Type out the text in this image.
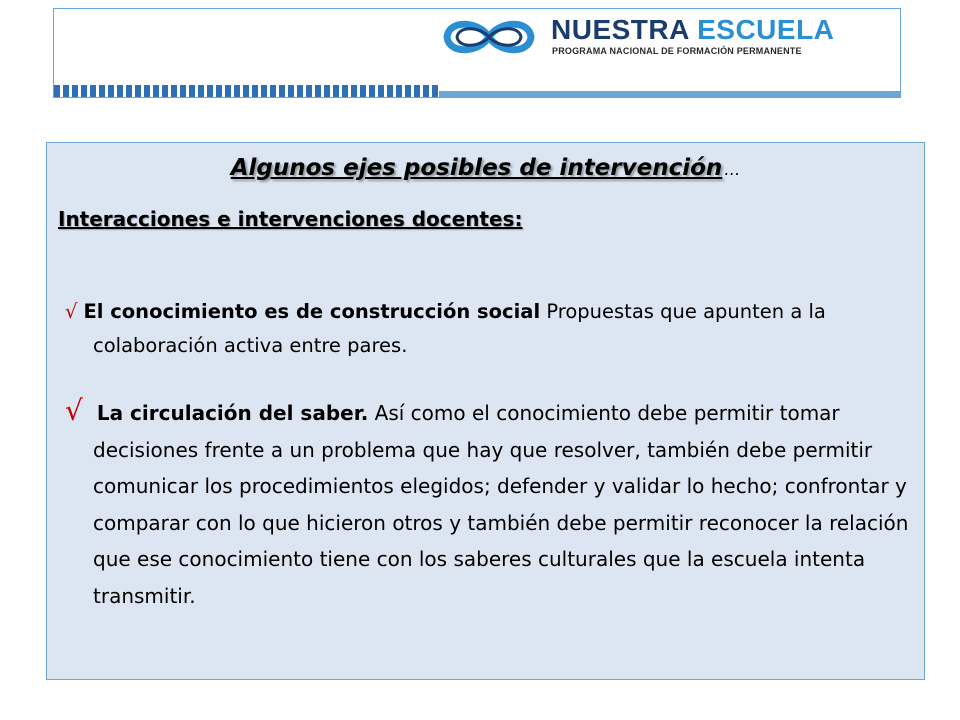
NUESTRA ESCUELA
PROGRAMA NACIONAL DE FORMACIÓN PERMANENTE
Algunos ejes posibles de intervención …
Interacciones e intervenciones docentes:
√ El conocimiento es de construcción social Propuestas que apunten a la colaboración activa entre pares.
√ La circulación del saber. Así como el conocimiento debe permitir tomar decisiones frente a un problema que hay que resolver, también debe permitir comunicar los procedimientos elegidos; defender y validar lo hecho; confrontar y comparar con lo que hicieron otros y también debe permitir reconocer la relación que ese conocimiento tiene con los saberes culturales que la escuela intenta transmitir.
